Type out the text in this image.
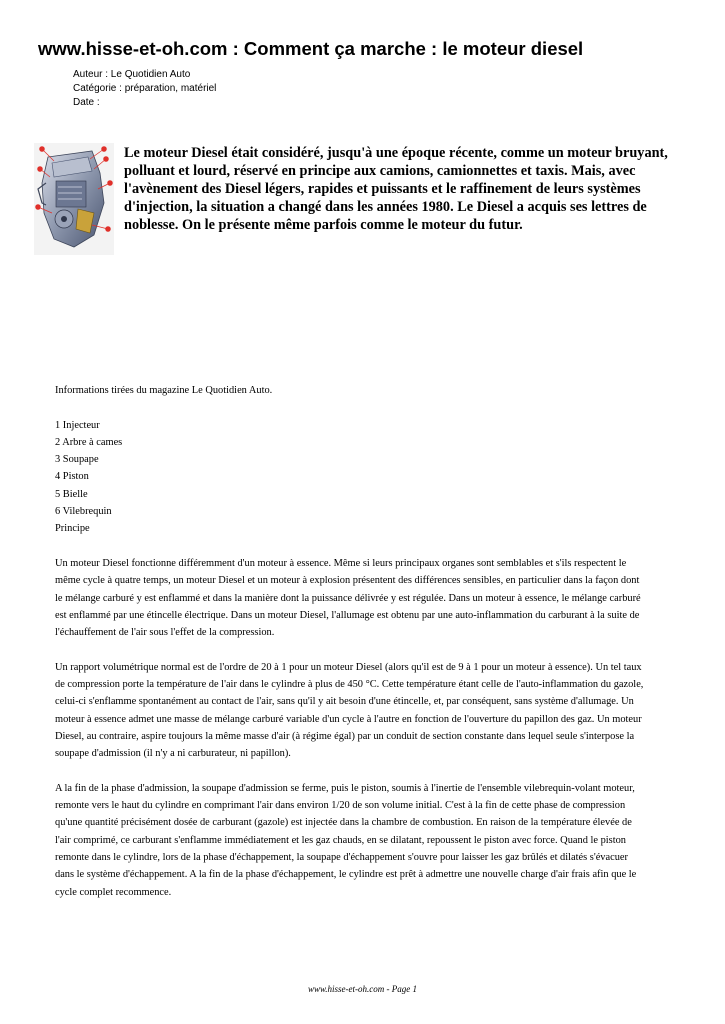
www.hisse-et-oh.com : Comment ça marche : le moteur diesel
Auteur : Le Quotidien Auto
Catégorie : préparation, matériel
Date :

Le moteur Diesel était considéré, jusqu'à une époque récente, comme un moteur bruyant, polluant et lourd, réservé en principe aux camions, camionnettes et taxis. Mais, avec l'avènement des Diesel légers, rapides et puissants et le raffinement de leurs systèmes d'injection, la situation a changé dans les années 1980. Le Diesel a acquis ses lettres de noblesse. On le présente même parfois comme le moteur du futur.

Informations tirées du magazine Le Quotidien Auto.

1 Injecteur

2 Arbre à cames

3 Soupape

4 Piston

5 Bielle

6 Vilebrequin

Principe

Un moteur Diesel fonctionne différemment d'un moteur à essence. Même si leurs principaux organes sont semblables et s'ils respectent le même cycle à quatre temps, un moteur Diesel et un moteur à explosion présentent des différences sensibles, en particulier dans la façon dont le mélange carburé y est enflammé et dans la manière dont la puissance délivrée y est régulée. Dans un moteur à essence, le mélange carburé est enflammé par une étincelle électrique. Dans un moteur Diesel, l'allumage est obtenu par une auto-inflammation du carburant à la suite de l'échauffement de l'air sous l'effet de la compression.

Un rapport volumétrique normal est de l'ordre de 20 à 1 pour un moteur Diesel (alors qu'il est de 9 à 1 pour un moteur à essence). Un tel taux de compression porte la température de l'air dans le cylindre à plus de 450 °C. Cette température étant celle de l'auto-inflammation du gazole, celui-ci s'enflamme spontanément au contact de l'air, sans qu'il y ait besoin d'une étincelle, et, par conséquent, sans système d'allumage. Un moteur à essence admet une masse de mélange carburé variable d'un cycle à l'autre en fonction de l'ouverture du papillon des gaz. Un moteur Diesel, au contraire, aspire toujours la même masse d'air (à régime égal) par un conduit de section constante dans lequel seule s'interpose la soupape d'admission (il n'y a ni carburateur, ni papillon).

A la fin de la phase d'admission, la soupape d'admission se ferme, puis le piston, soumis à l'inertie de l'ensemble vilebrequin-volant moteur, remonte vers le haut du cylindre en comprimant l'air dans environ 1/20 de son volume initial. C'est à la fin de cette phase de compression qu'une quantité précisément dosée de carburant (gazole) est injectée dans la chambre de combustion. En raison de la température élevée de l'air comprimé, ce carburant s'enflamme immédiatement et les gaz chauds, en se dilatant, repoussent le piston avec force. Quand le piston remonte dans le cylindre, lors de la phase d'échappement, la soupape d'échappement s'ouvre pour laisser les gaz brûlés et dilatés s'évacuer dans le système d'échappement. A la fin de la phase d'échappement, le cylindre est prêt à admettre une nouvelle charge d'air frais afin que le cycle complet recommence.

www.hisse-et-oh.com - Page 1
